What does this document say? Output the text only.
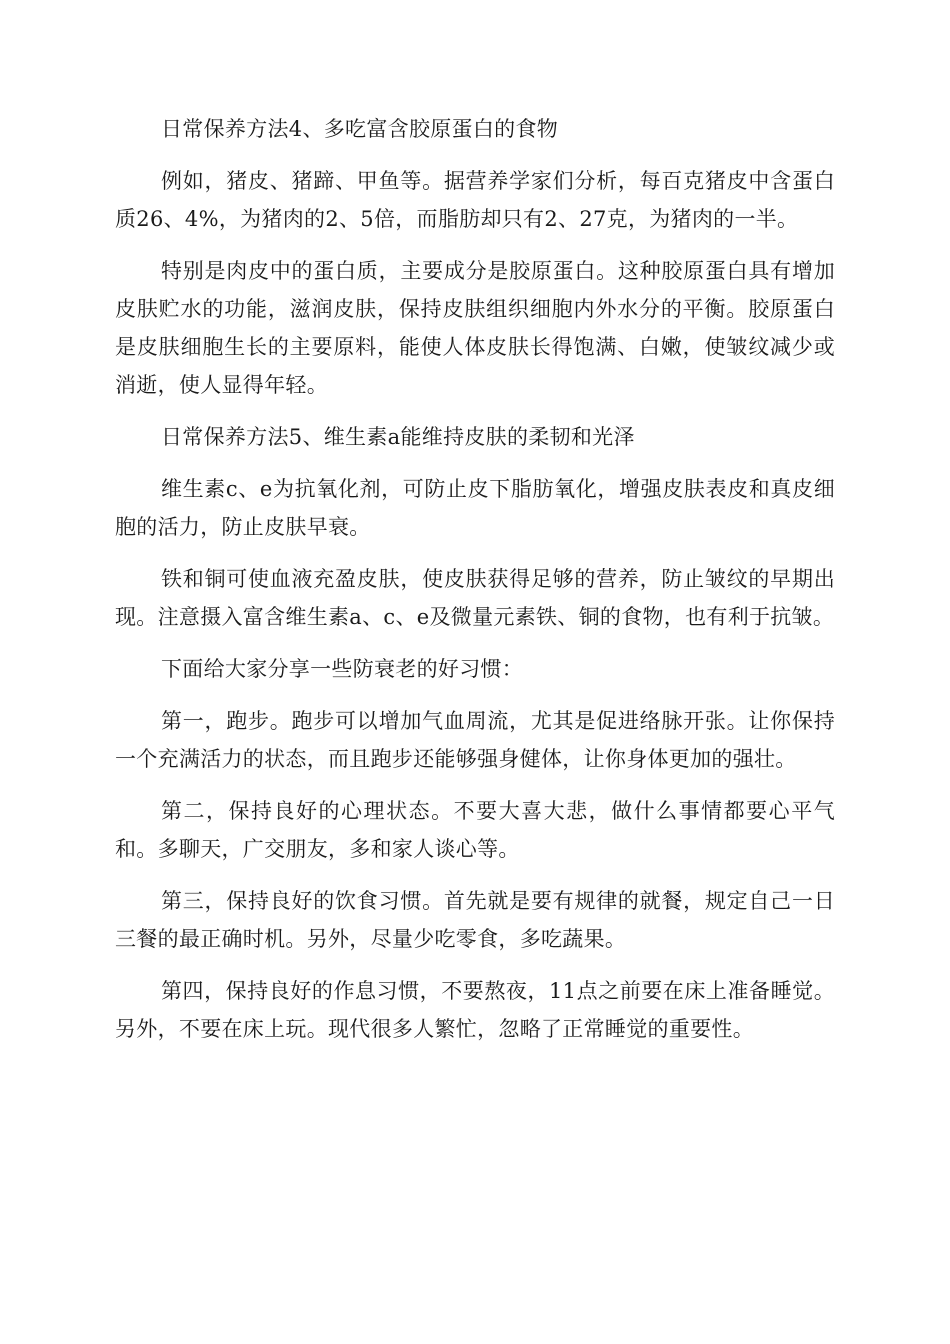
日常保养方法4、多吃富含胶原蛋白的食物

例如，猪皮、猪蹄、甲鱼等。据营养学家们分析，每百克猪皮中含蛋白质26、4%，为猪肉的2、5倍，而脂肪却只有2、27克，为猪肉的一半。

特别是肉皮中的蛋白质，主要成分是胶原蛋白。这种胶原蛋白具有增加皮肤贮水的功能，滋润皮肤，保持皮肤组织细胞内外水分的平衡。胶原蛋白是皮肤细胞生长的主要原料，能使人体皮肤长得饱满、白嫩，使皱纹减少或消逝，使人显得年轻。

日常保养方法5、维生素a能维持皮肤的柔韧和光泽

维生素c、e为抗氧化剂，可防止皮下脂肪氧化，增强皮肤表皮和真皮细胞的活力，防止皮肤早衰。

铁和铜可使血液充盈皮肤，使皮肤获得足够的营养，防止皱纹的早期出现。注意摄入富含维生素a、c、e及微量元素铁、铜的食物，也有利于抗皱。

下面给大家分享一些防衰老的好习惯：

第一，跑步。跑步可以增加气血周流，尤其是促进络脉开张。让你保持一个充满活力的状态，而且跑步还能够强身健体，让你身体更加的强壮。

第二，保持良好的心理状态。不要大喜大悲，做什么事情都要心平气和。多聊天，广交朋友，多和家人谈心等。

第三，保持良好的饮食习惯。首先就是要有规律的就餐，规定自己一日三餐的最正确时机。另外，尽量少吃零食，多吃蔬果。

第四，保持良好的作息习惯，不要熬夜，11点之前要在床上准备睡觉。另外，不要在床上玩。现代很多人繁忙，忽略了正常睡觉的重要性。
